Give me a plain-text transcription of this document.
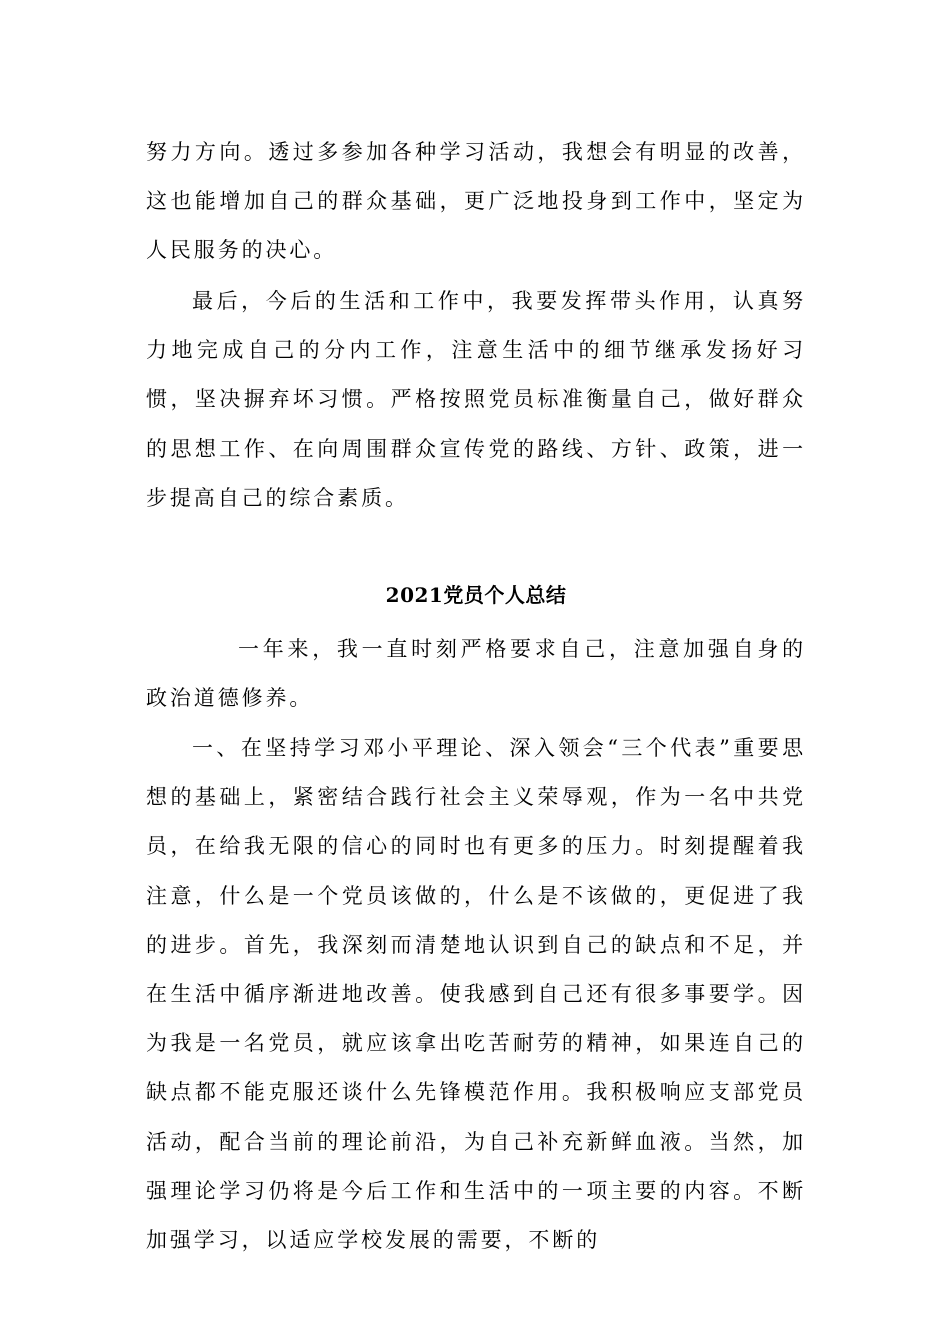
努力方向。透过多参加各种学习活动，我想会有明显的改善，这也能增加自己的群众基础，更广泛地投身到工作中，坚定为人民服务的决心。

最后，今后的生活和工作中，我要发挥带头作用，认真努力地完成自己的分内工作，注意生活中的细节继承发扬好习惯，坚决摒弃坏习惯。严格按照党员标准衡量自己，做好群众的思想工作、在向周围群众宣传党的路线、方针、政策，进一步提高自己的综合素质。

2021党员个人总结

一年来，我一直时刻严格要求自己，注意加强自身的政治道德修养。

一、在坚持学习邓小平理论、深入领会“三个代表”重要思想的基础上，紧密结合践行社会主义荣辱观，作为一名中共党员，在给我无限的信心的同时也有更多的压力。时刻提醒着我注意，什么是一个党员该做的，什么是不该做的，更促进了我的进步。首先，我深刻而清楚地认识到自己的缺点和不足，并在生活中循序渐进地改善。使我感到自己还有很多事要学。因为我是一名党员，就应该拿出吃苦耐劳的精神，如果连自己的缺点都不能克服还谈什么先锋模范作用。我积极响应支部党员活动，配合当前的理论前沿，为自己补充新鲜血液。当然，加强理论学习仍将是今后工作和生活中的一项主要的内容。不断加强学习，以适应学校发展的需要，不断的
